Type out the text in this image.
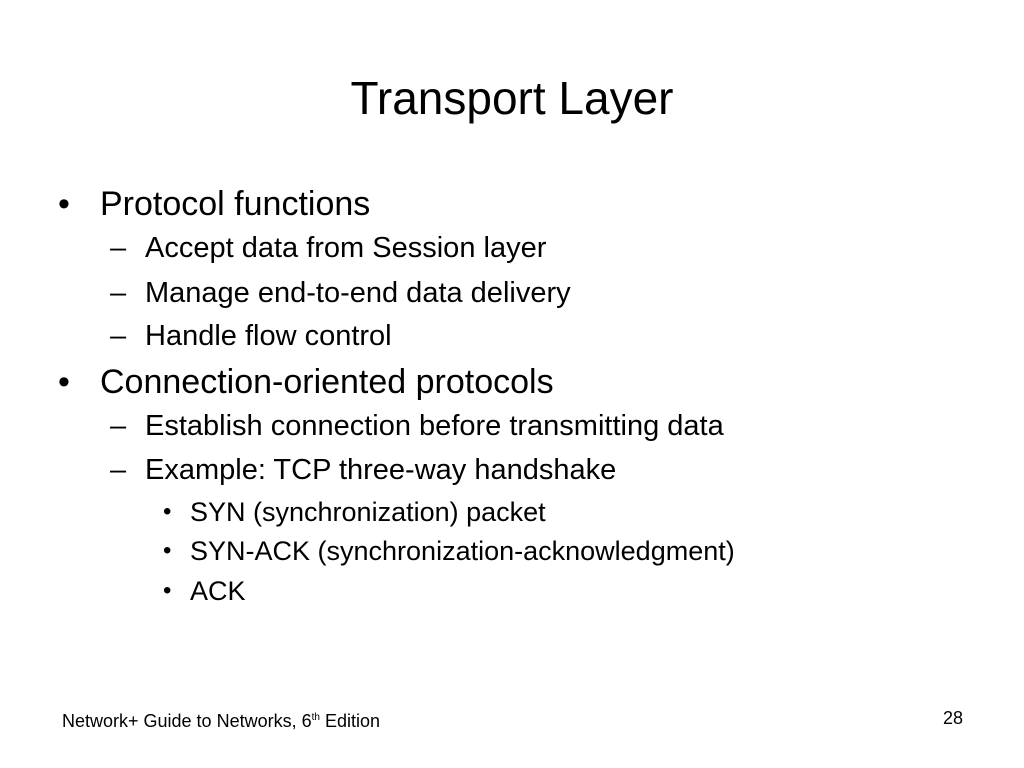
Transport Layer
• Protocol functions
– Accept data from Session layer
– Manage end-to-end data delivery
– Handle flow control
• Connection-oriented protocols
– Establish connection before transmitting data
– Example: TCP three-way handshake
• SYN (synchronization) packet
• SYN-ACK (synchronization-acknowledgment)
• ACK
Network+ Guide to Networks, 6th Edition	28
